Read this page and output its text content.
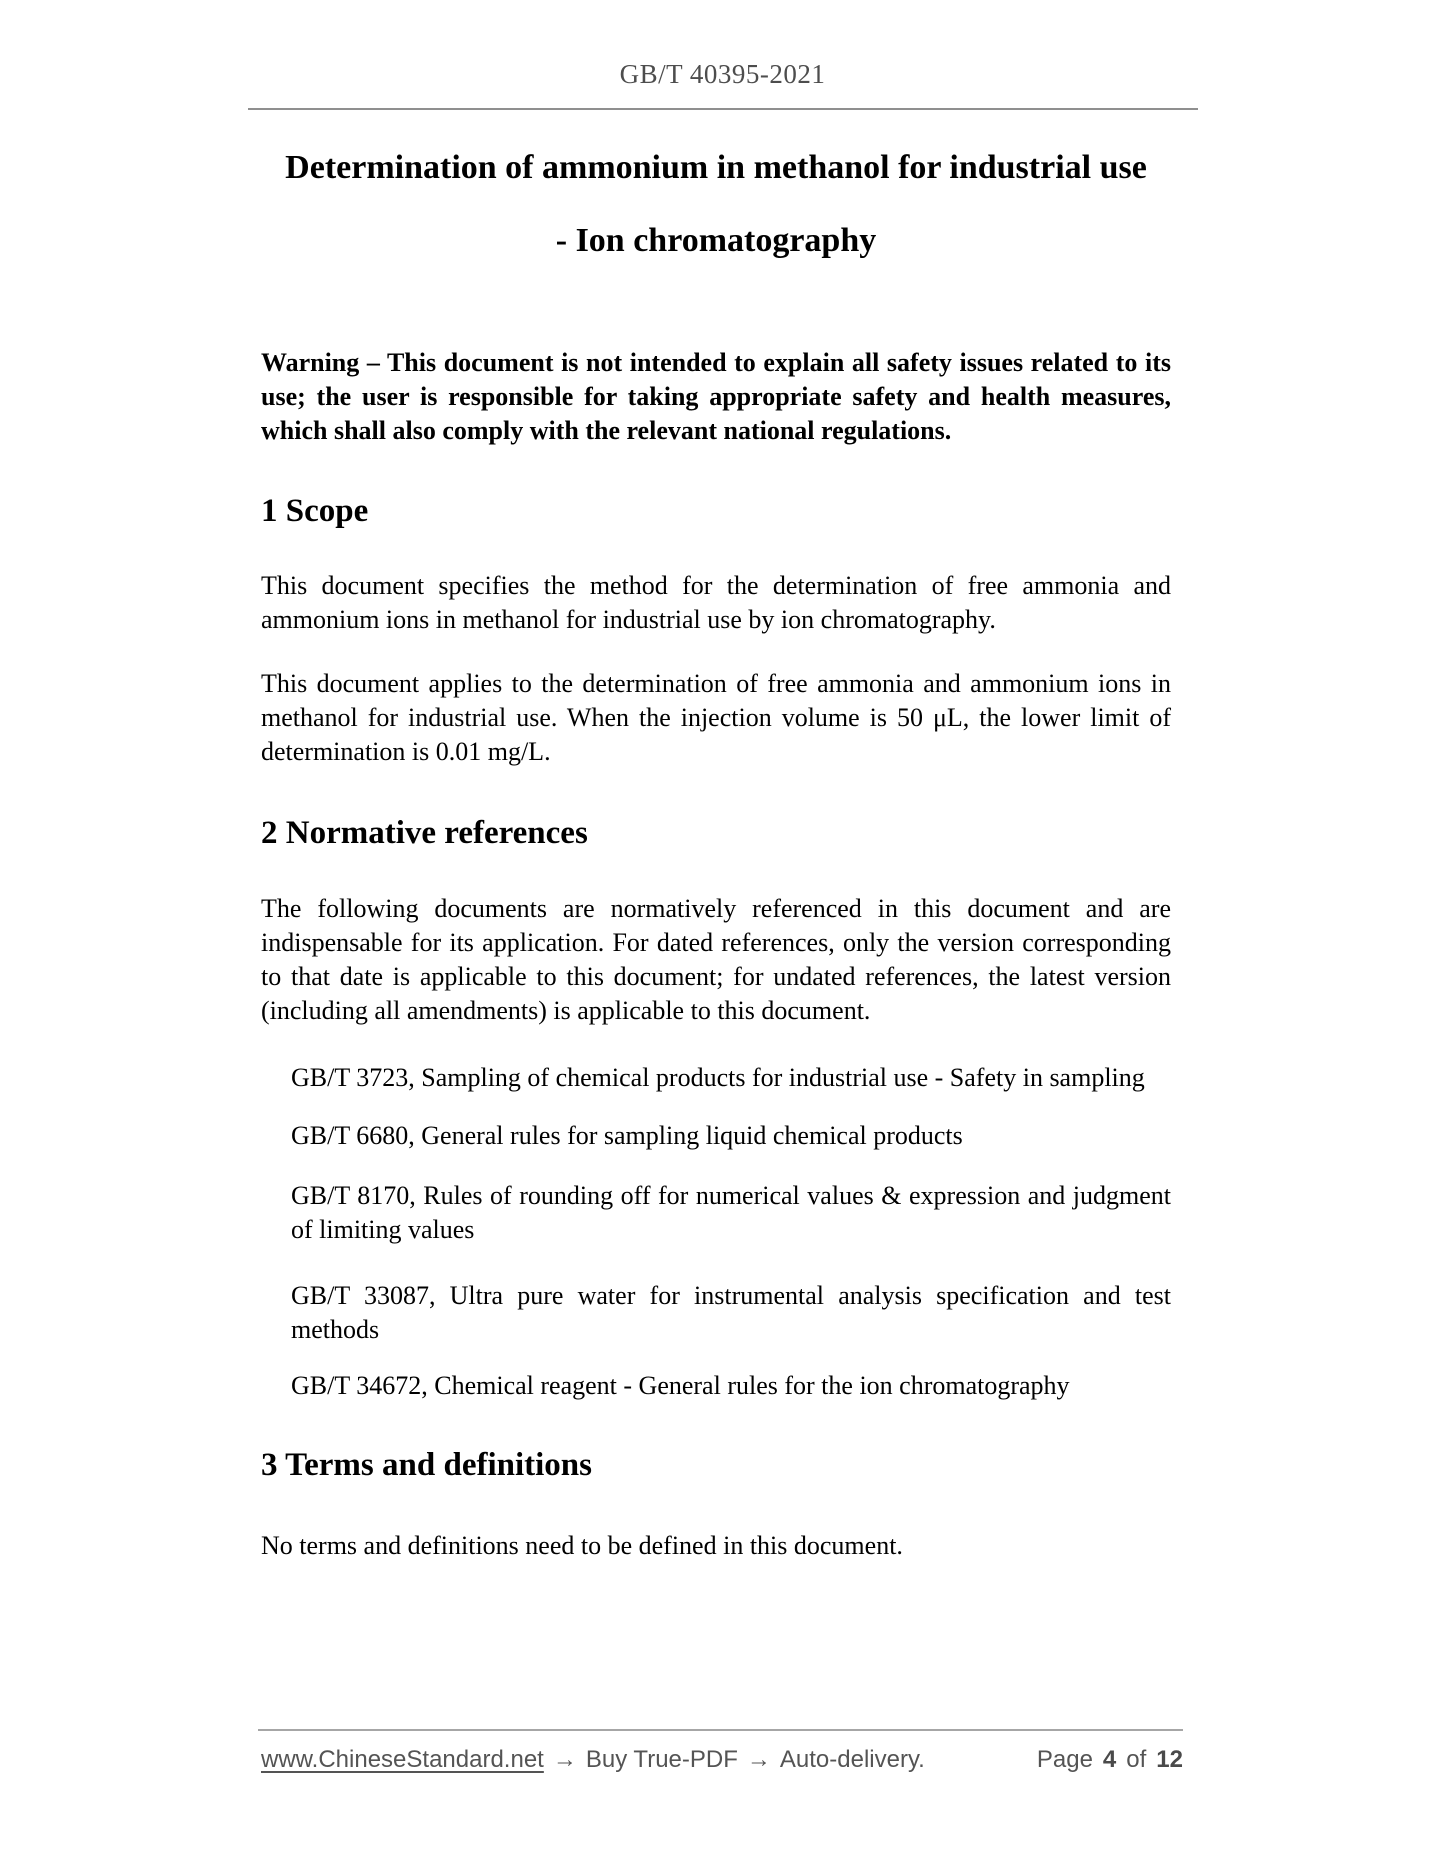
GB/T 40395-2021
Determination of ammonium in methanol for industrial use
- Ion chromatography
Warning – This document is not intended to explain all safety issues related to its use; the user is responsible for taking appropriate safety and health measures, which shall also comply with the relevant national regulations.
1 Scope
This document specifies the method for the determination of free ammonia and ammonium ions in methanol for industrial use by ion chromatography.
This document applies to the determination of free ammonia and ammonium ions in methanol for industrial use. When the injection volume is 50 μL, the lower limit of determination is 0.01 mg/L.
2 Normative references
The following documents are normatively referenced in this document and are indispensable for its application. For dated references, only the version corresponding to that date is applicable to this document; for undated references, the latest version (including all amendments) is applicable to this document.
GB/T 3723, Sampling of chemical products for industrial use - Safety in sampling
GB/T 6680, General rules for sampling liquid chemical products
GB/T 8170, Rules of rounding off for numerical values & expression and judgment of limiting values
GB/T 33087, Ultra pure water for instrumental analysis specification and test methods
GB/T 34672, Chemical reagent - General rules for the ion chromatography
3 Terms and definitions
No terms and definitions need to be defined in this document.
www.ChineseStandard.net → Buy True-PDF → Auto-delivery.	Page 4 of 12
